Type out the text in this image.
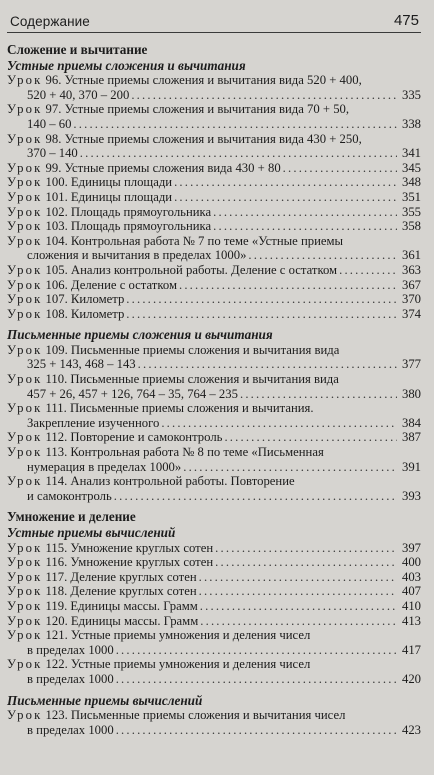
Содержание	475
Сложение и вычитание
Устные приемы сложения и вычитания
Урок 96. Устные приемы сложения и вычитания вида 520 + 400,
520 + 40, 370 – 200 . . .	335
Урок 97. Устные приемы сложения и вычитания вида 70 + 50,
140 – 60 . . .	338
Урок 98. Устные приемы сложения и вычитания вида 430 + 250,
370 – 140 . . .	341
Урок 99. Устные приемы сложения вида 430 + 80 . . .	345
Урок 100. Единицы площади . . .	348
Урок 101. Единицы площади . . .	351
Урок 102. Площадь прямоугольника . . .	355
Урок 103. Площадь прямоугольника . . .	358
Урок 104. Контрольная работа № 7 по теме «Устные приемы
сложения и вычитания в пределах 1000» . . .	361
Урок 105. Анализ контрольной работы. Деление с остатком . . .	363
Урок 106. Деление с остатком . . .	367
Урок 107. Километр . . .	370
Урок 108. Километр . . .	374
Письменные приемы сложения и вычитания
Урок 109. Письменные приемы сложения и вычитания вида
325 + 143, 468 – 143 . . .	377
Урок 110. Письменные приемы сложения и вычитания вида
457 + 26, 457 + 126, 764 – 35, 764 – 235 . . .	380
Урок 111. Письменные приемы сложения и вычитания.
Закрепление изученного . . .	384
Урок 112. Повторение и самоконтроль . . .	387
Урок 113. Контрольная работа № 8 по теме «Письменная
нумерация в пределах 1000» . . .	391
Урок 114. Анализ контрольной работы. Повторение
и самоконтроль . . .	393
Умножение и деление
Устные приемы вычислений
Урок 115. Умножение круглых сотен . . .	397
Урок 116. Умножение круглых сотен . . .	400
Урок 117. Деление круглых сотен . . .	403
Урок 118. Деление круглых сотен . . .	407
Урок 119. Единицы массы. Грамм . . .	410
Урок 120. Единицы массы. Грамм . . .	413
Урок 121. Устные приемы умножения и деления чисел
в пределах 1000 . . .	417
Урок 122. Устные приемы умножения и деления чисел
в пределах 1000 . . .	420
Письменные приемы вычислений
Урок 123. Письменные приемы сложения и вычитания чисел
в пределах 1000 . . .	423
